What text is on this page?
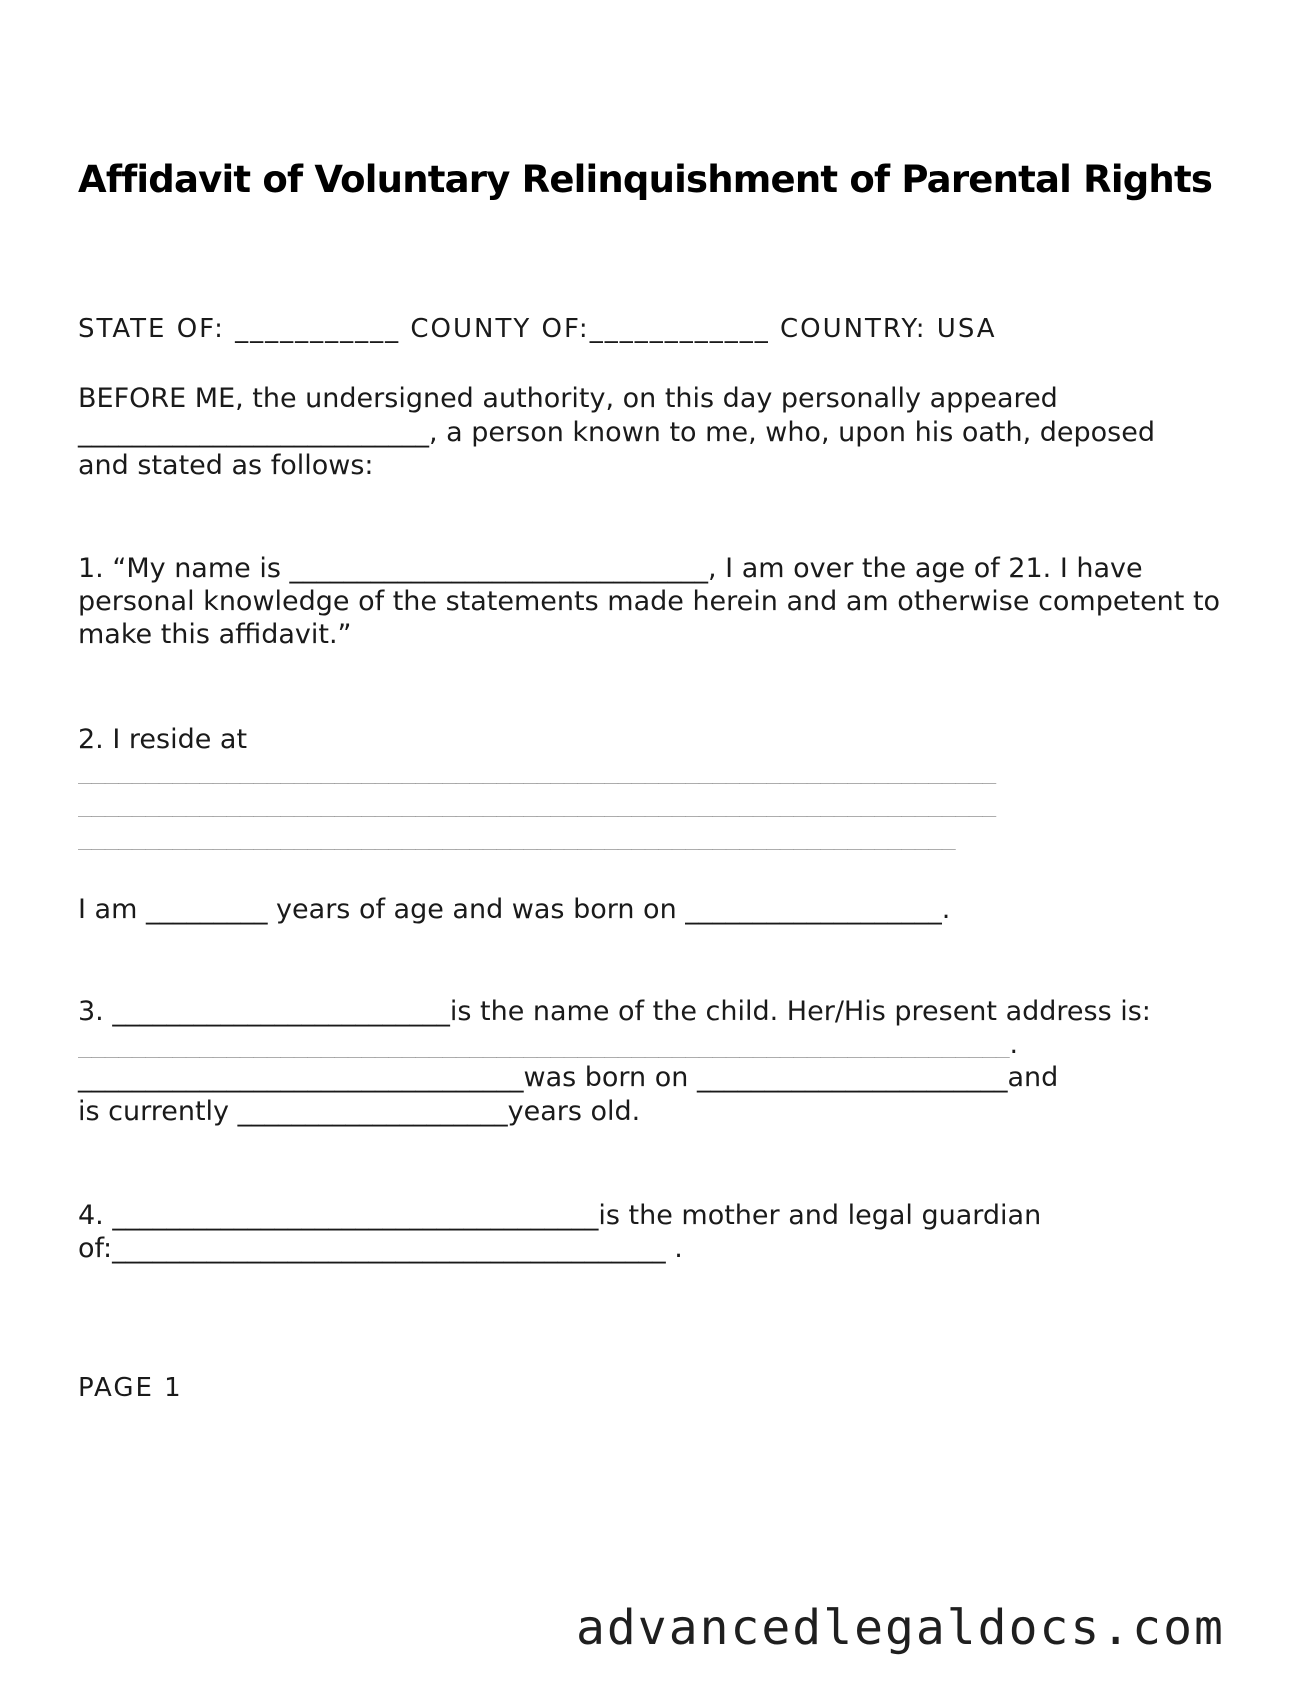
Affidavit of Voluntary Relinquishment of Parental Rights
STATE OF: ___________ COUNTY OF:____________ COUNTRY: USA
BEFORE ME, the undersigned authority, on this day personally appeared
__________________________, a person known to me, who, upon his oath, deposed
and stated as follows:
1. “My name is _______________________________, I am over the age of 21. I have
personal knowledge of the statements made herein and am otherwise competent to
make this affidavit.”
2. I reside at
____________________________________________________________________
____________________________________________________________________
_________________________________________________________________
I am _________ years of age and was born on ___________________.
3. _________________________is the name of the child. Her/His present address is:
_____________________________________________________________________.
_________________________________was born on _______________________and
is currently ____________________years old.
4. ____________________________________is the mother and legal guardian
of:_________________________________________ .
PAGE 1
advancedlegaldocs.com
